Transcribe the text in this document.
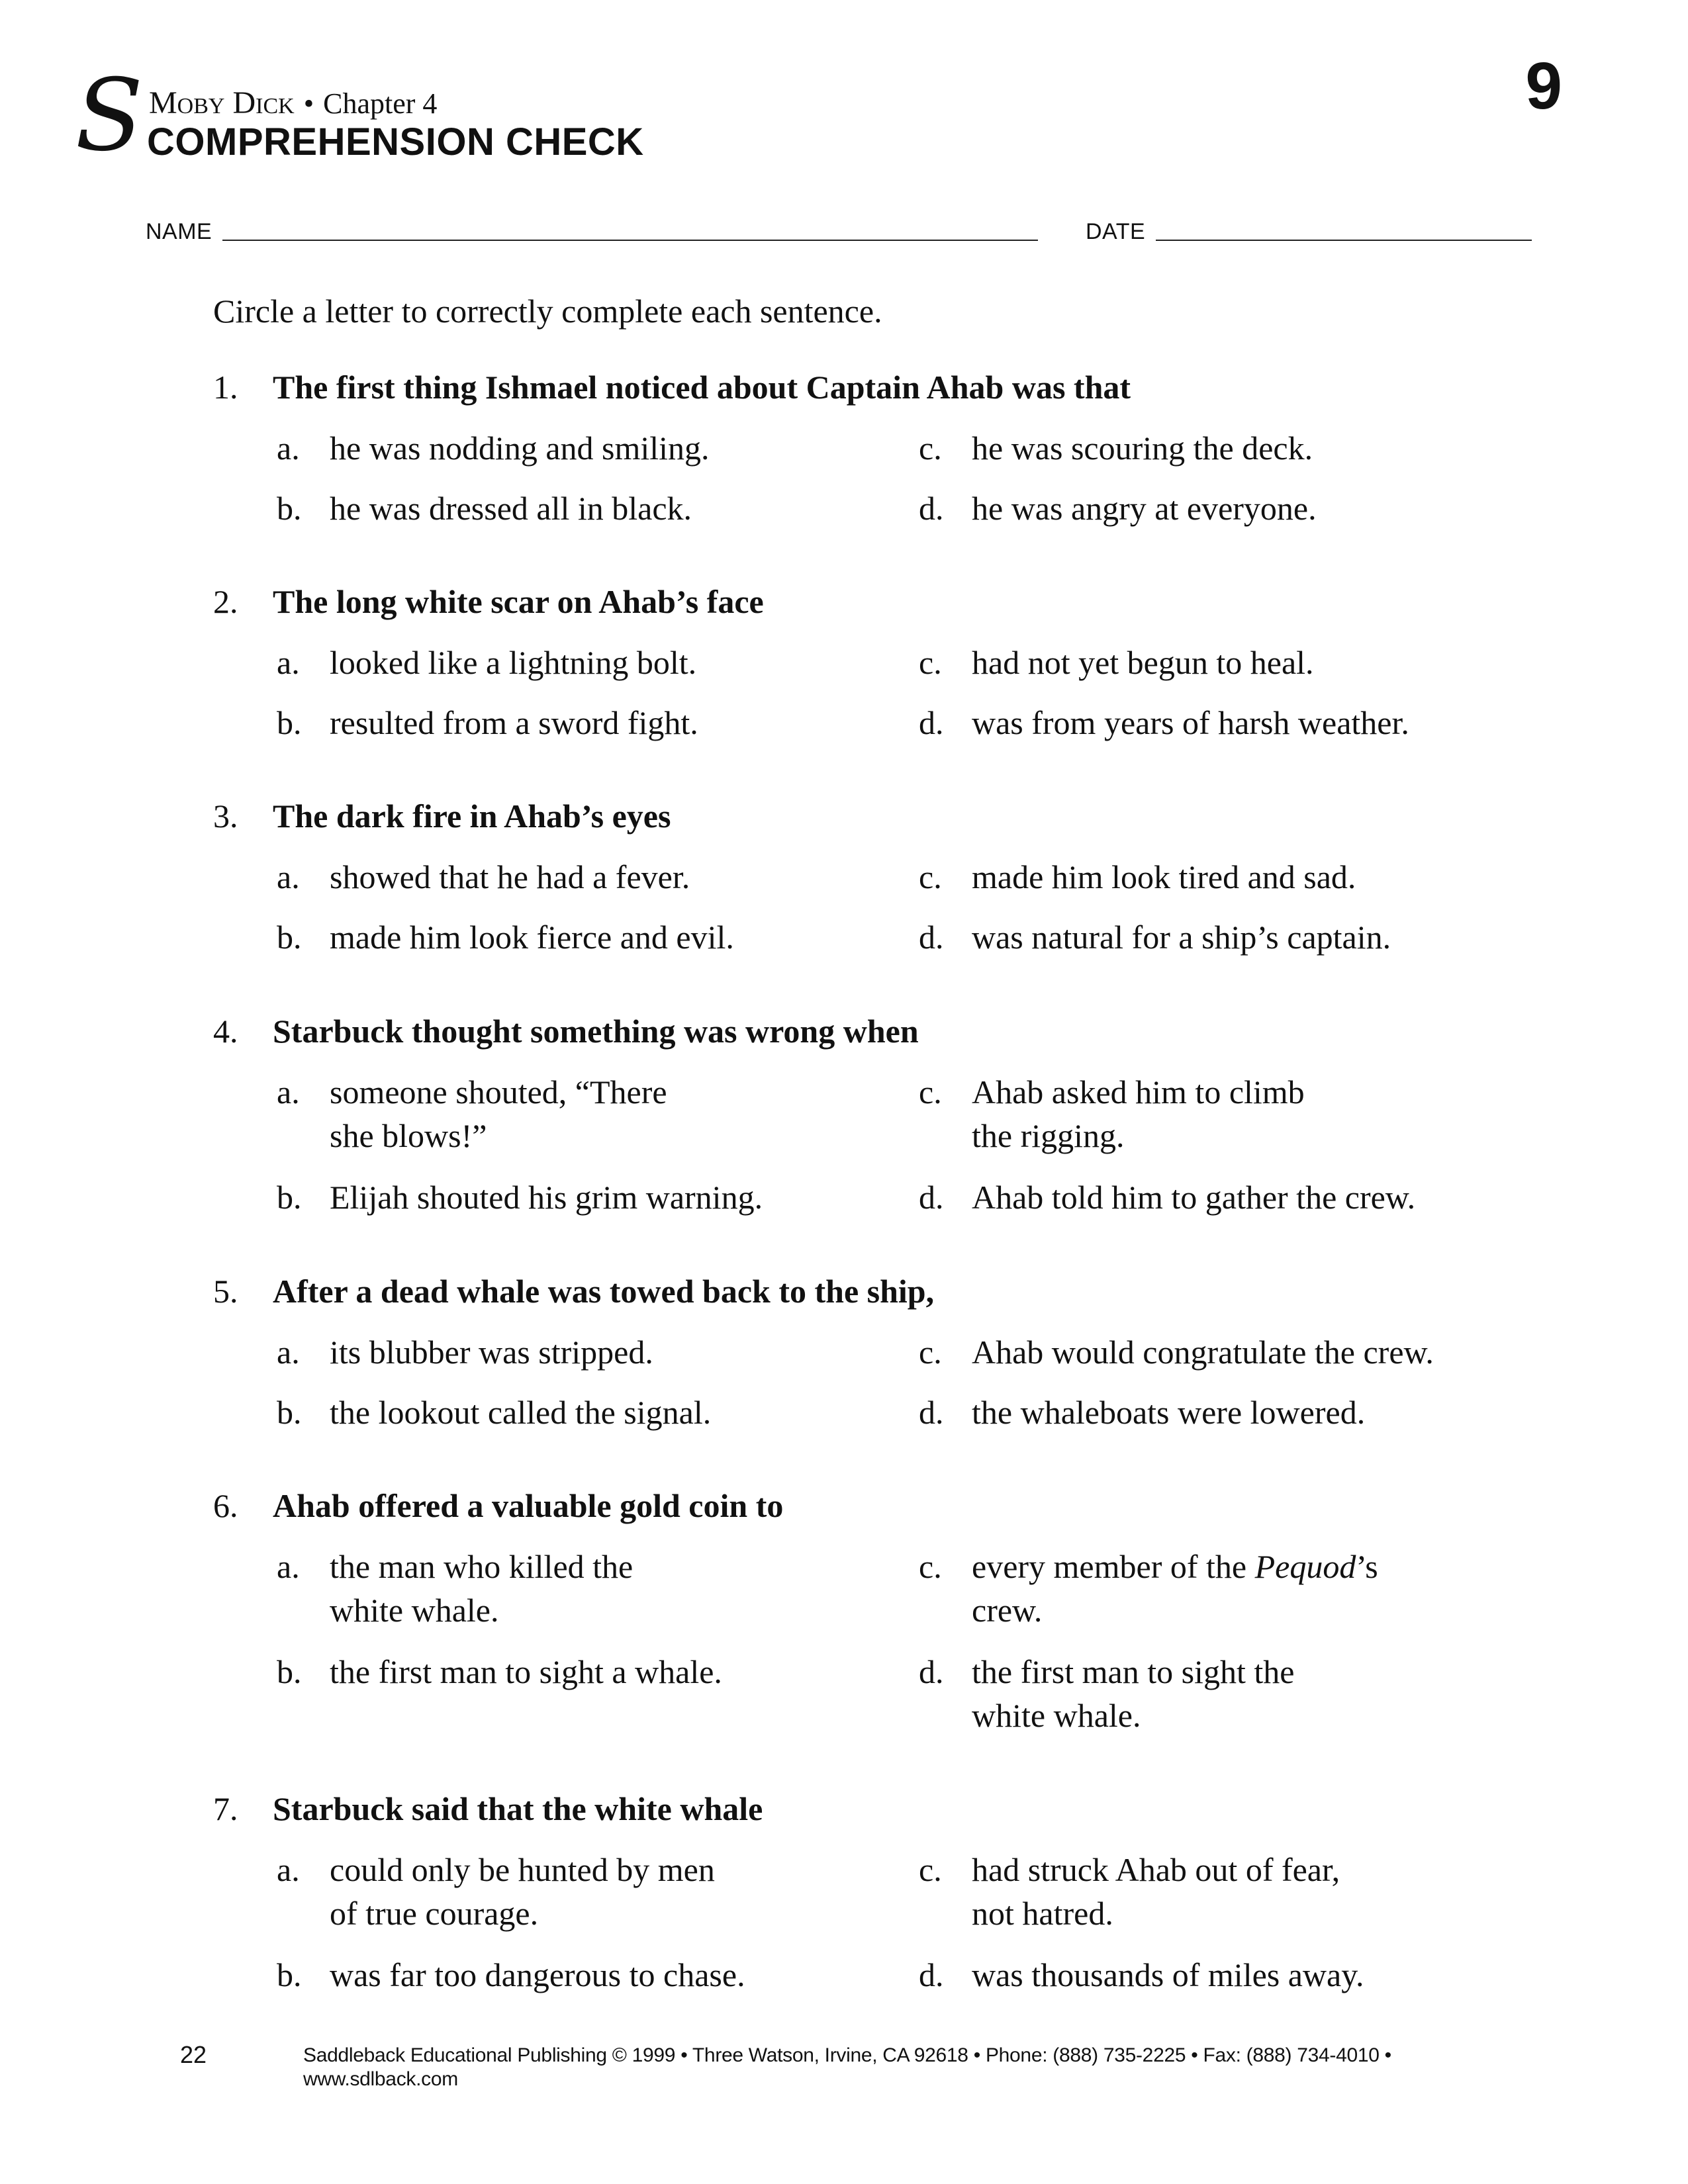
S Moby Dick • Chapter 4
COMPREHENSION CHECK
9
NAME	DATE
Circle a letter to correctly complete each sentence.
1.	The first thing Ishmael noticed about Captain Ahab was that
a. he was nodding and smiling.
b. he was dressed all in black.
c. he was scouring the deck.
d. he was angry at everyone.
2.	The long white scar on Ahab’s face
a. looked like a lightning bolt.
b. resulted from a sword fight.
c. had not yet begun to heal.
d. was from years of harsh weather.
3.	The dark fire in Ahab’s eyes
a. showed that he had a fever.
b. made him look fierce and evil.
c. made him look tired and sad.
d. was natural for a ship’s captain.
4.	Starbuck thought something was wrong when
a. someone shouted, “There
she blows!”
b. Elijah shouted his grim warning.
c. Ahab asked him to climb
the rigging.
d. Ahab told him to gather the crew.
5.	After a dead whale was towed back to the ship,
a. its blubber was stripped.
b. the lookout called the signal.
c. Ahab would congratulate the crew.
d. the whaleboats were lowered.
6.	Ahab offered a valuable gold coin to
a. the man who killed the
white whale.
b. the first man to sight a whale.
c. every member of the Pequod’s
crew.
d. the first man to sight the
white whale.
7.	Starbuck said that the white whale
a. could only be hunted by men
of true courage.
b. was far too dangerous to chase.
c. had struck Ahab out of fear,
not hatred.
d. was thousands of miles away.
22	Saddleback Educational Publishing © 1999 • Three Watson, Irvine, CA 92618 • Phone: (888) 735-2225 • Fax: (888) 734-4010 • www.sdlback.com
